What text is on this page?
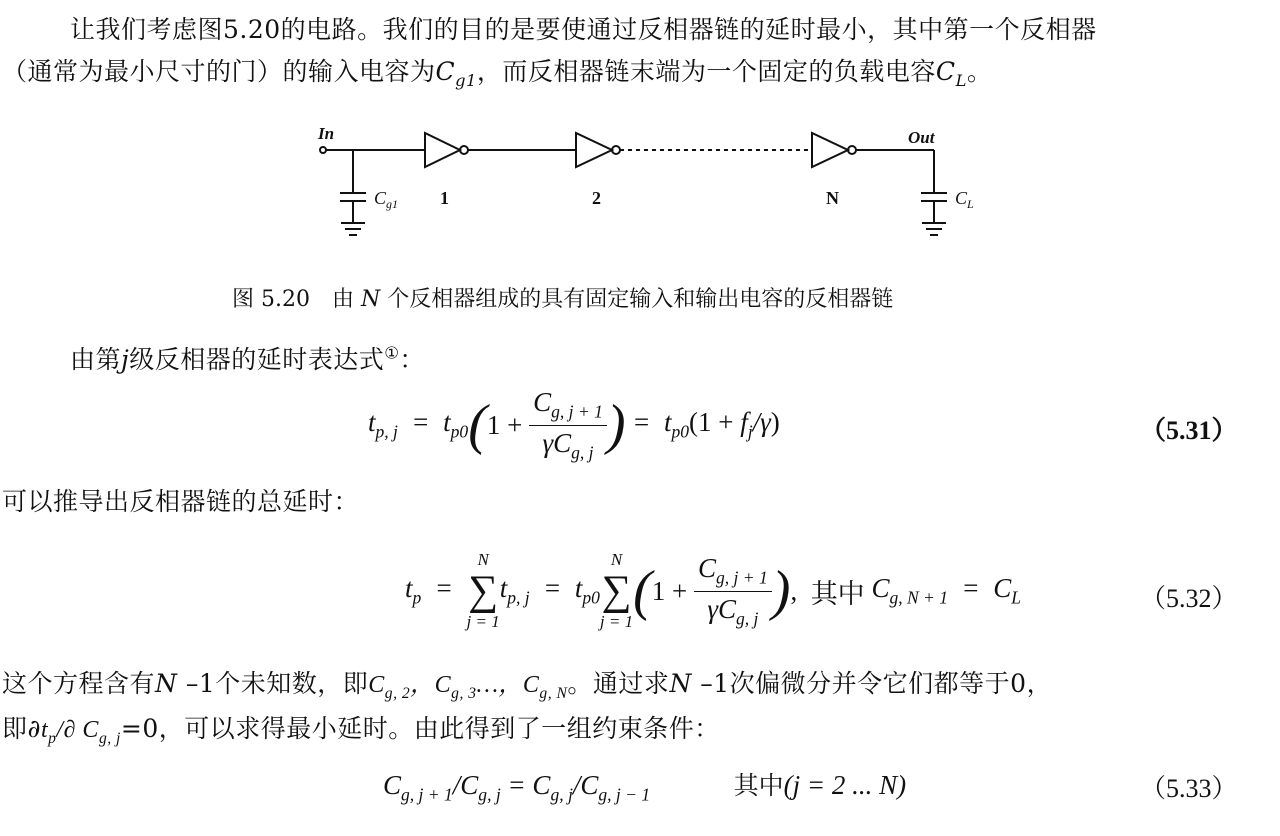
让我们考虑图5.20的电路。我们的目的是要使通过反相器链的延时最小，其中第一个反相器
（通常为最小尺寸的门）的输入电容为$C_{g1}$，而反相器链末端为一个固定的负载电容$C_L$。
In	Out
$C_{g1}$	$C_L$
1	2	N
图 5.20 由 N 个反相器组成的具有固定输入和输出电容的反相器链
由第j级反相器的延时表达式①：
$t_{p, j} = t_{p0}$ ( $1 + \frac{C_{g, j + 1}}{\gamma C_{g, j}}$ ) =  $t_{p0}(1 + f_j/\gamma)$	（5.31）
可以推导出反相器链的总延时：
$t_p$  =
N
∑
j = 1
$t_{p, j} = t_{p0}$
N
∑
j = 1 ( $1 + \frac{C_{g, j + 1}}{\gamma C_{g, j}}$ ) , 其中 $C_{g, N + 1} = C_L$	（5.32）
这个方程含有N –1个未知数，即$C_{g, 2}$，$C_{g, 3}\dots$，$C_{g, N}$。通过求N –1次偏微分并令它们都等于0，
即$\partial t_p/\partial$ $C_{g, j}=0$，可以求得最小延时。由此得到了一组约束条件：
$C_{g, j + 1}/C_{g, j} = C_{g, j}/C_{g, j - 1}$	其中(j = 2 ... N)	（5.33）
